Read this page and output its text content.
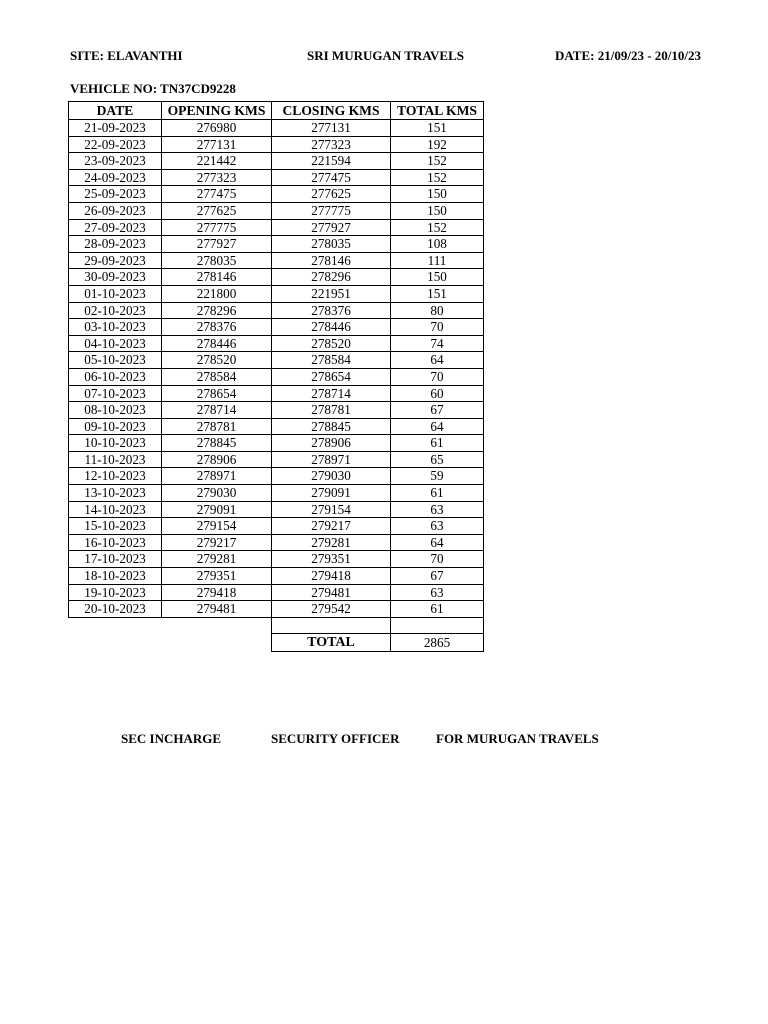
SITE: ELAVANTHI	SRI MURUGAN TRAVELS	DATE: 21/09/23 - 20/10/23
VEHICLE NO: TN37CD9228
DATE	OPENING KMS	CLOSING KMS	TOTAL KMS
21-09-2023	276980	277131	151
22-09-2023	277131	277323	192
23-09-2023	221442	221594	152
24-09-2023	277323	277475	152
25-09-2023	277475	277625	150
26-09-2023	277625	277775	150
27-09-2023	277775	277927	152
28-09-2023	277927	278035	108
29-09-2023	278035	278146	111
30-09-2023	278146	278296	150
01-10-2023	221800	221951	151
02-10-2023	278296	278376	80
03-10-2023	278376	278446	70
04-10-2023	278446	278520	74
05-10-2023	278520	278584	64
06-10-2023	278584	278654	70
07-10-2023	278654	278714	60
08-10-2023	278714	278781	67
09-10-2023	278781	278845	64
10-10-2023	278845	278906	61
11-10-2023	278906	278971	65
12-10-2023	278971	279030	59
13-10-2023	279030	279091	61
14-10-2023	279091	279154	63
15-10-2023	279154	279217	63
16-10-2023	279217	279281	64
17-10-2023	279281	279351	70
18-10-2023	279351	279418	67
19-10-2023	279418	279481	63
20-10-2023	279481	279542	61

		TOTAL	2865
SEC INCHARGE	SECURITY OFFICER	FOR MURUGAN TRAVELS
